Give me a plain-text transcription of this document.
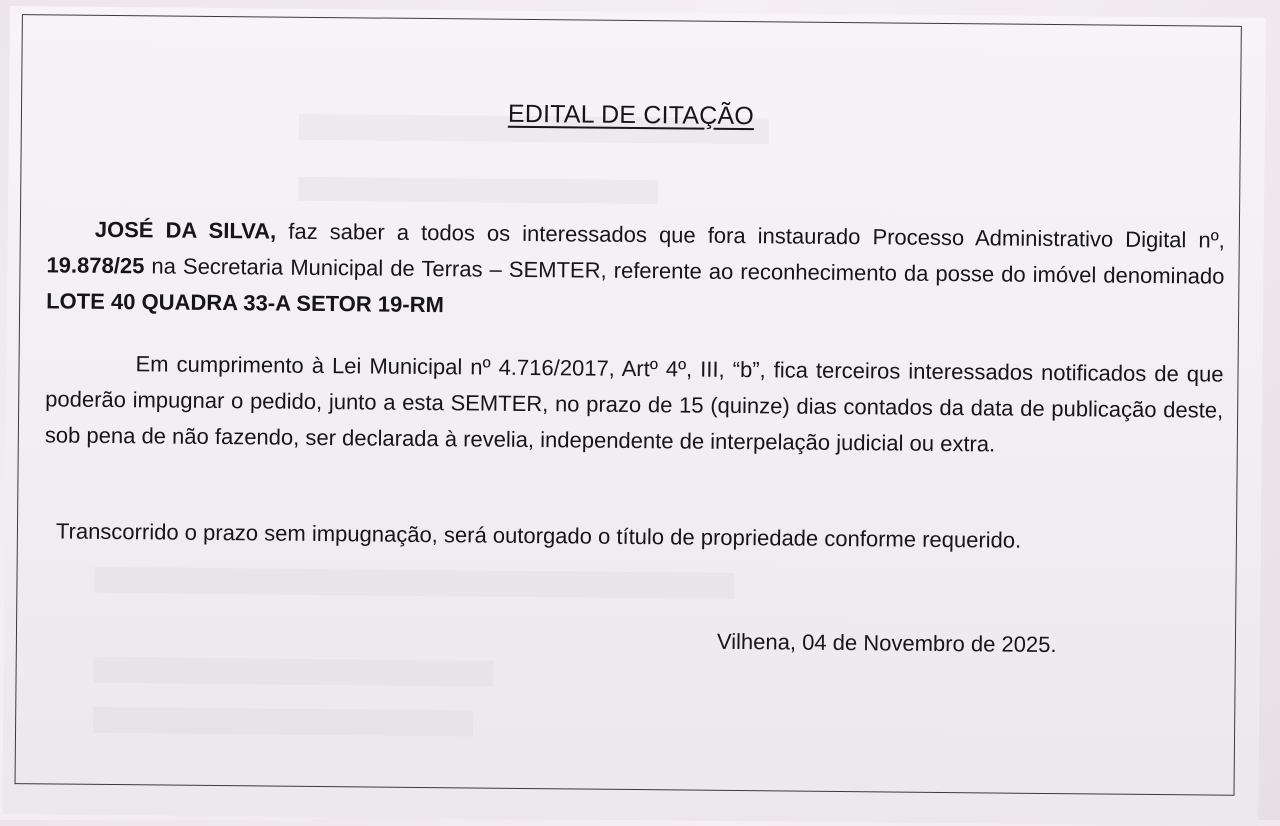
EDITAL DE CITAÇÃO
JOSÉ DA SILVA, faz saber a todos os interessados que fora instaurado Processo Administrativo Digital nº, 19.878/25 na Secretaria Municipal de Terras – SEMTER, referente ao reconhecimento da posse do imóvel denominado LOTE 40 QUADRA 33-A SETOR 19-RM
Em cumprimento à Lei Municipal nº 4.716/2017, Artº 4º, III, “b”, fica terceiros interessados notificados de que poderão impugnar o pedido, junto a esta SEMTER, no prazo de 15 (quinze) dias contados da data de publicação deste, sob pena de não fazendo, ser declarada à revelia, independente de interpelação judicial ou extra.
Transcorrido o prazo sem impugnação, será outorgado o título de propriedade conforme requerido.
Vilhena, 04 de Novembro de 2025.
